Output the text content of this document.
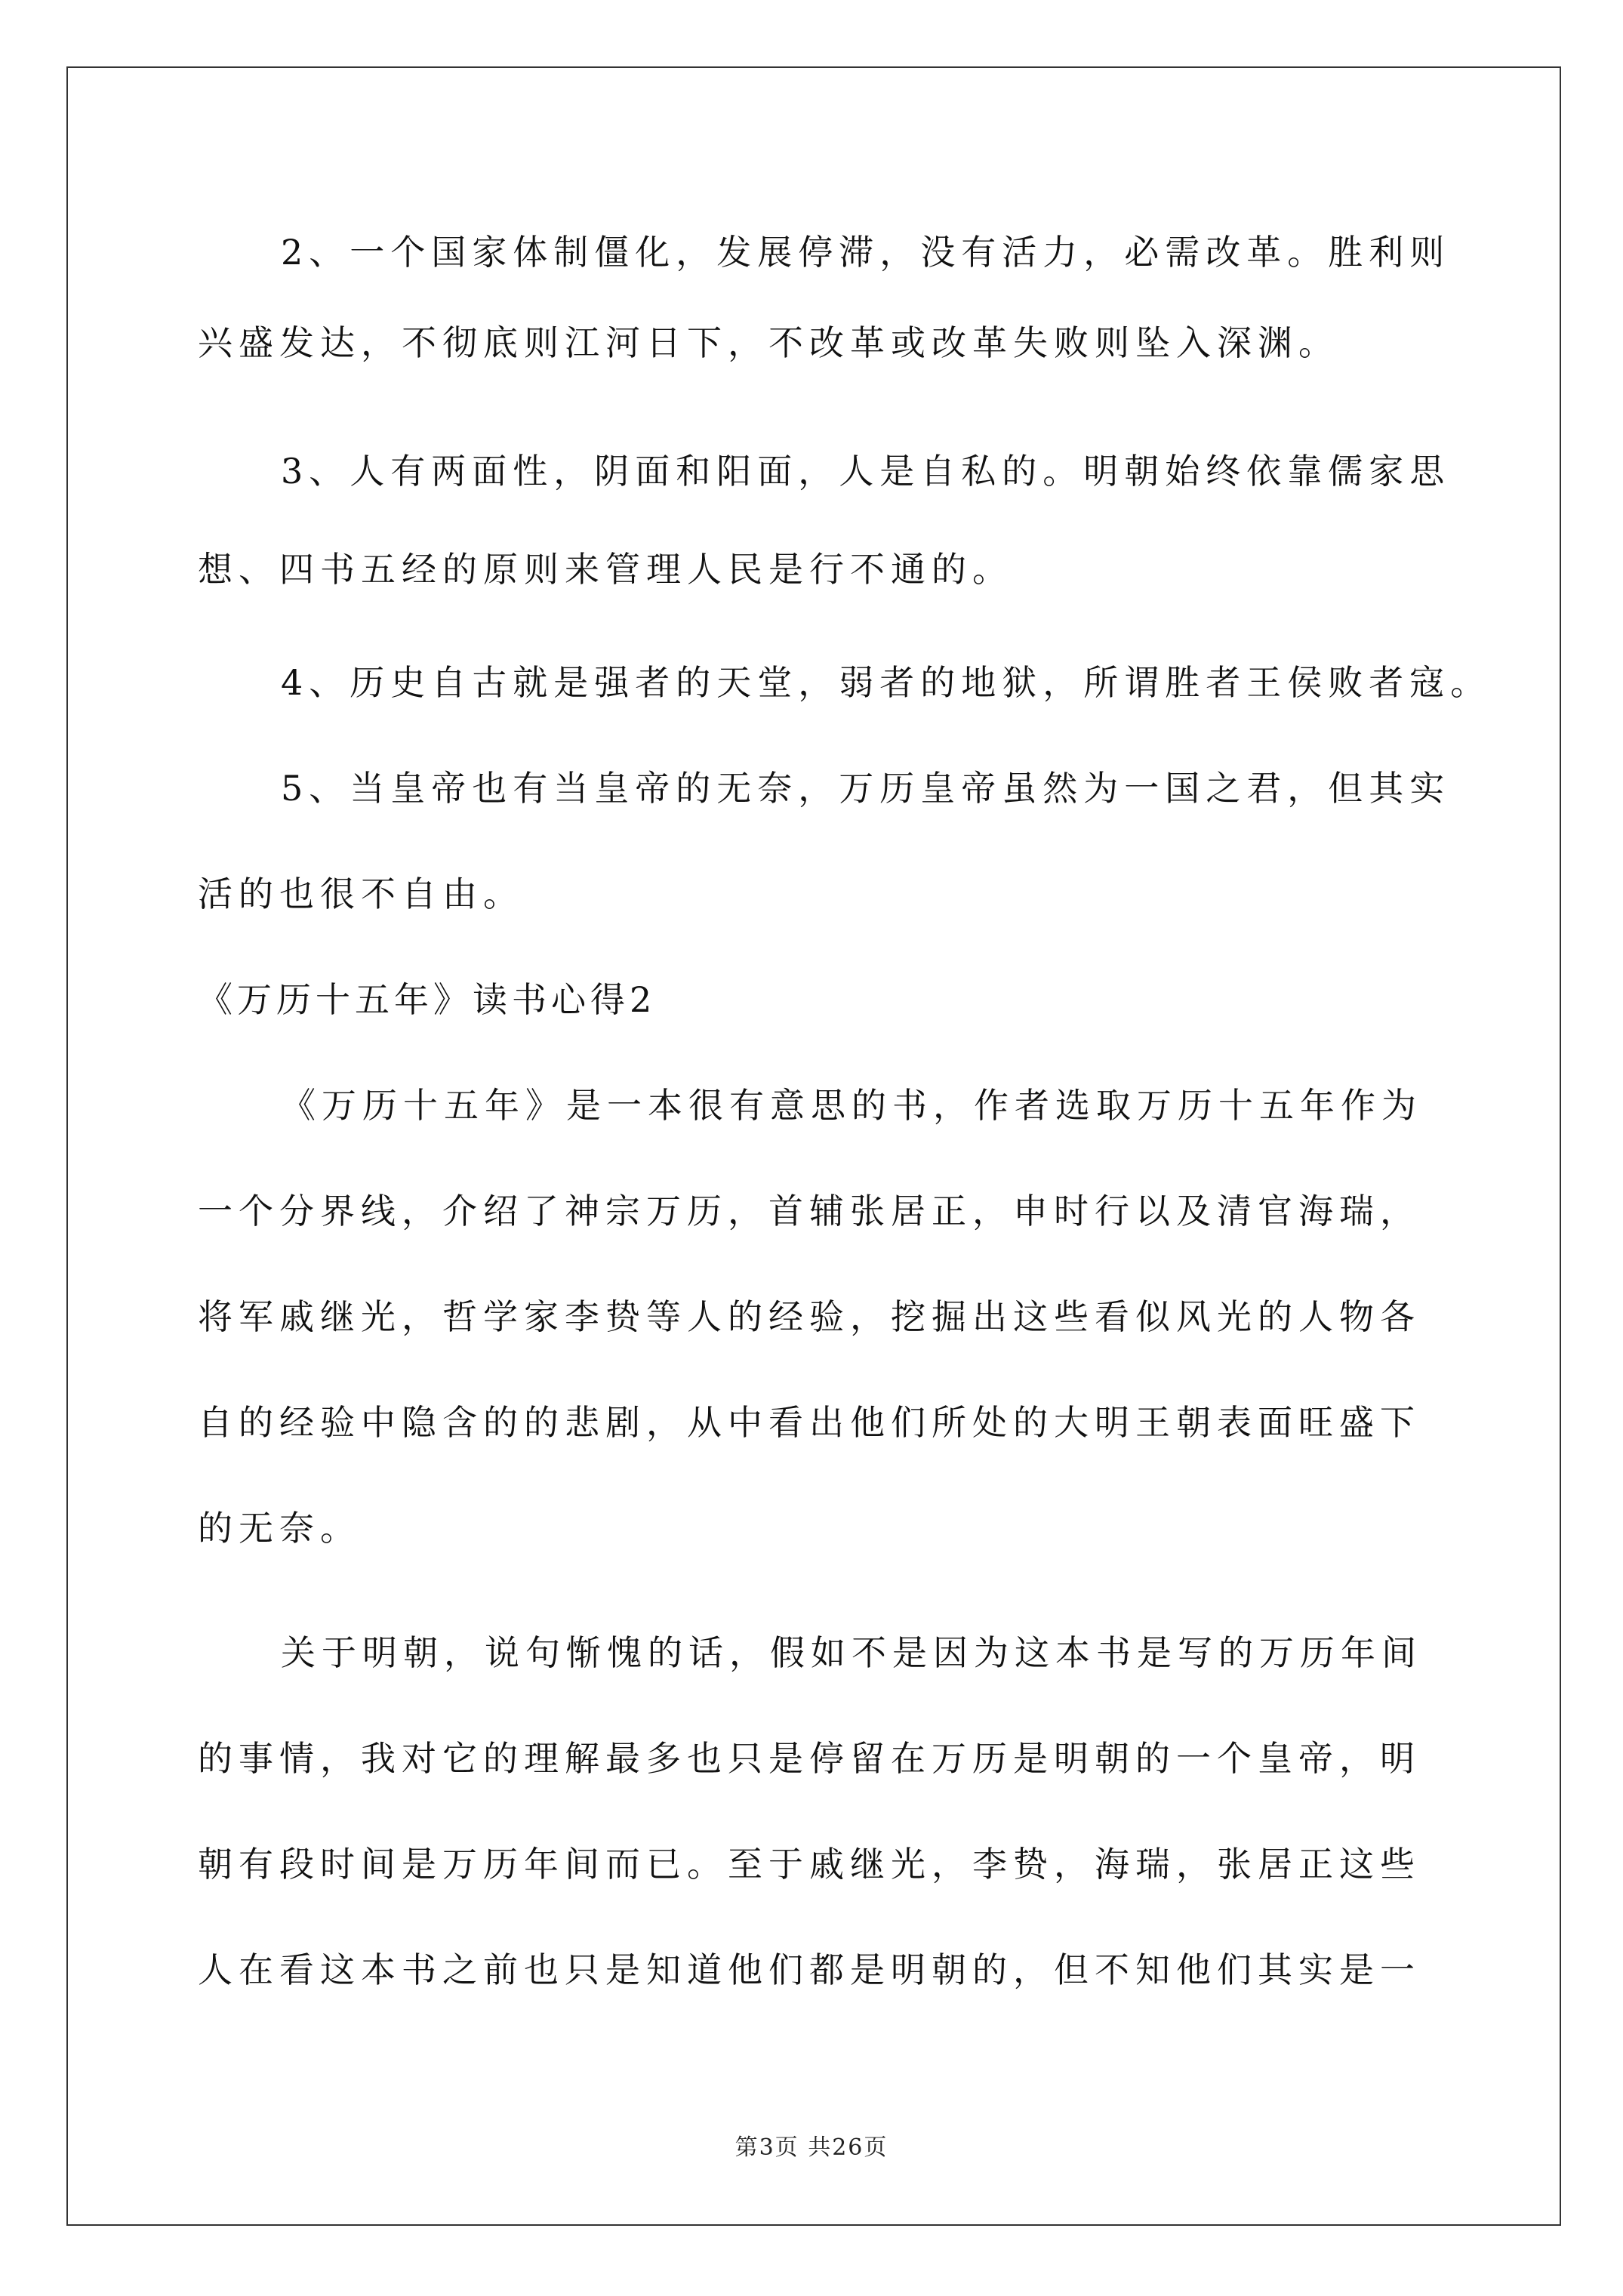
2、一个国家体制僵化，发展停滞，没有活力，必需改革。胜利则
兴盛发达，不彻底则江河日下，不改革或改革失败则坠入深渊。
3、人有两面性，阴面和阳面，人是自私的。明朝始终依靠儒家思
想、四书五经的原则来管理人民是行不通的。
4、历史自古就是强者的天堂，弱者的地狱，所谓胜者王侯败者寇。
5、当皇帝也有当皇帝的无奈，万历皇帝虽然为一国之君，但其实
活的也很不自由。
《万历十五年》读书心得2
《万历十五年》是一本很有意思的书，作者选取万历十五年作为
一个分界线，介绍了神宗万历，首辅张居正，申时行以及清官海瑞，
将军戚继光，哲学家李贽等人的经验，挖掘出这些看似风光的人物各
自的经验中隐含的的悲剧，从中看出他们所处的大明王朝表面旺盛下
的无奈。
关于明朝，说句惭愧的话，假如不是因为这本书是写的万历年间
的事情，我对它的理解最多也只是停留在万历是明朝的一个皇帝，明
朝有段时间是万历年间而已。至于戚继光，李贽，海瑞，张居正这些
人在看这本书之前也只是知道他们都是明朝的，但不知他们其实是一
第3页 共26页
